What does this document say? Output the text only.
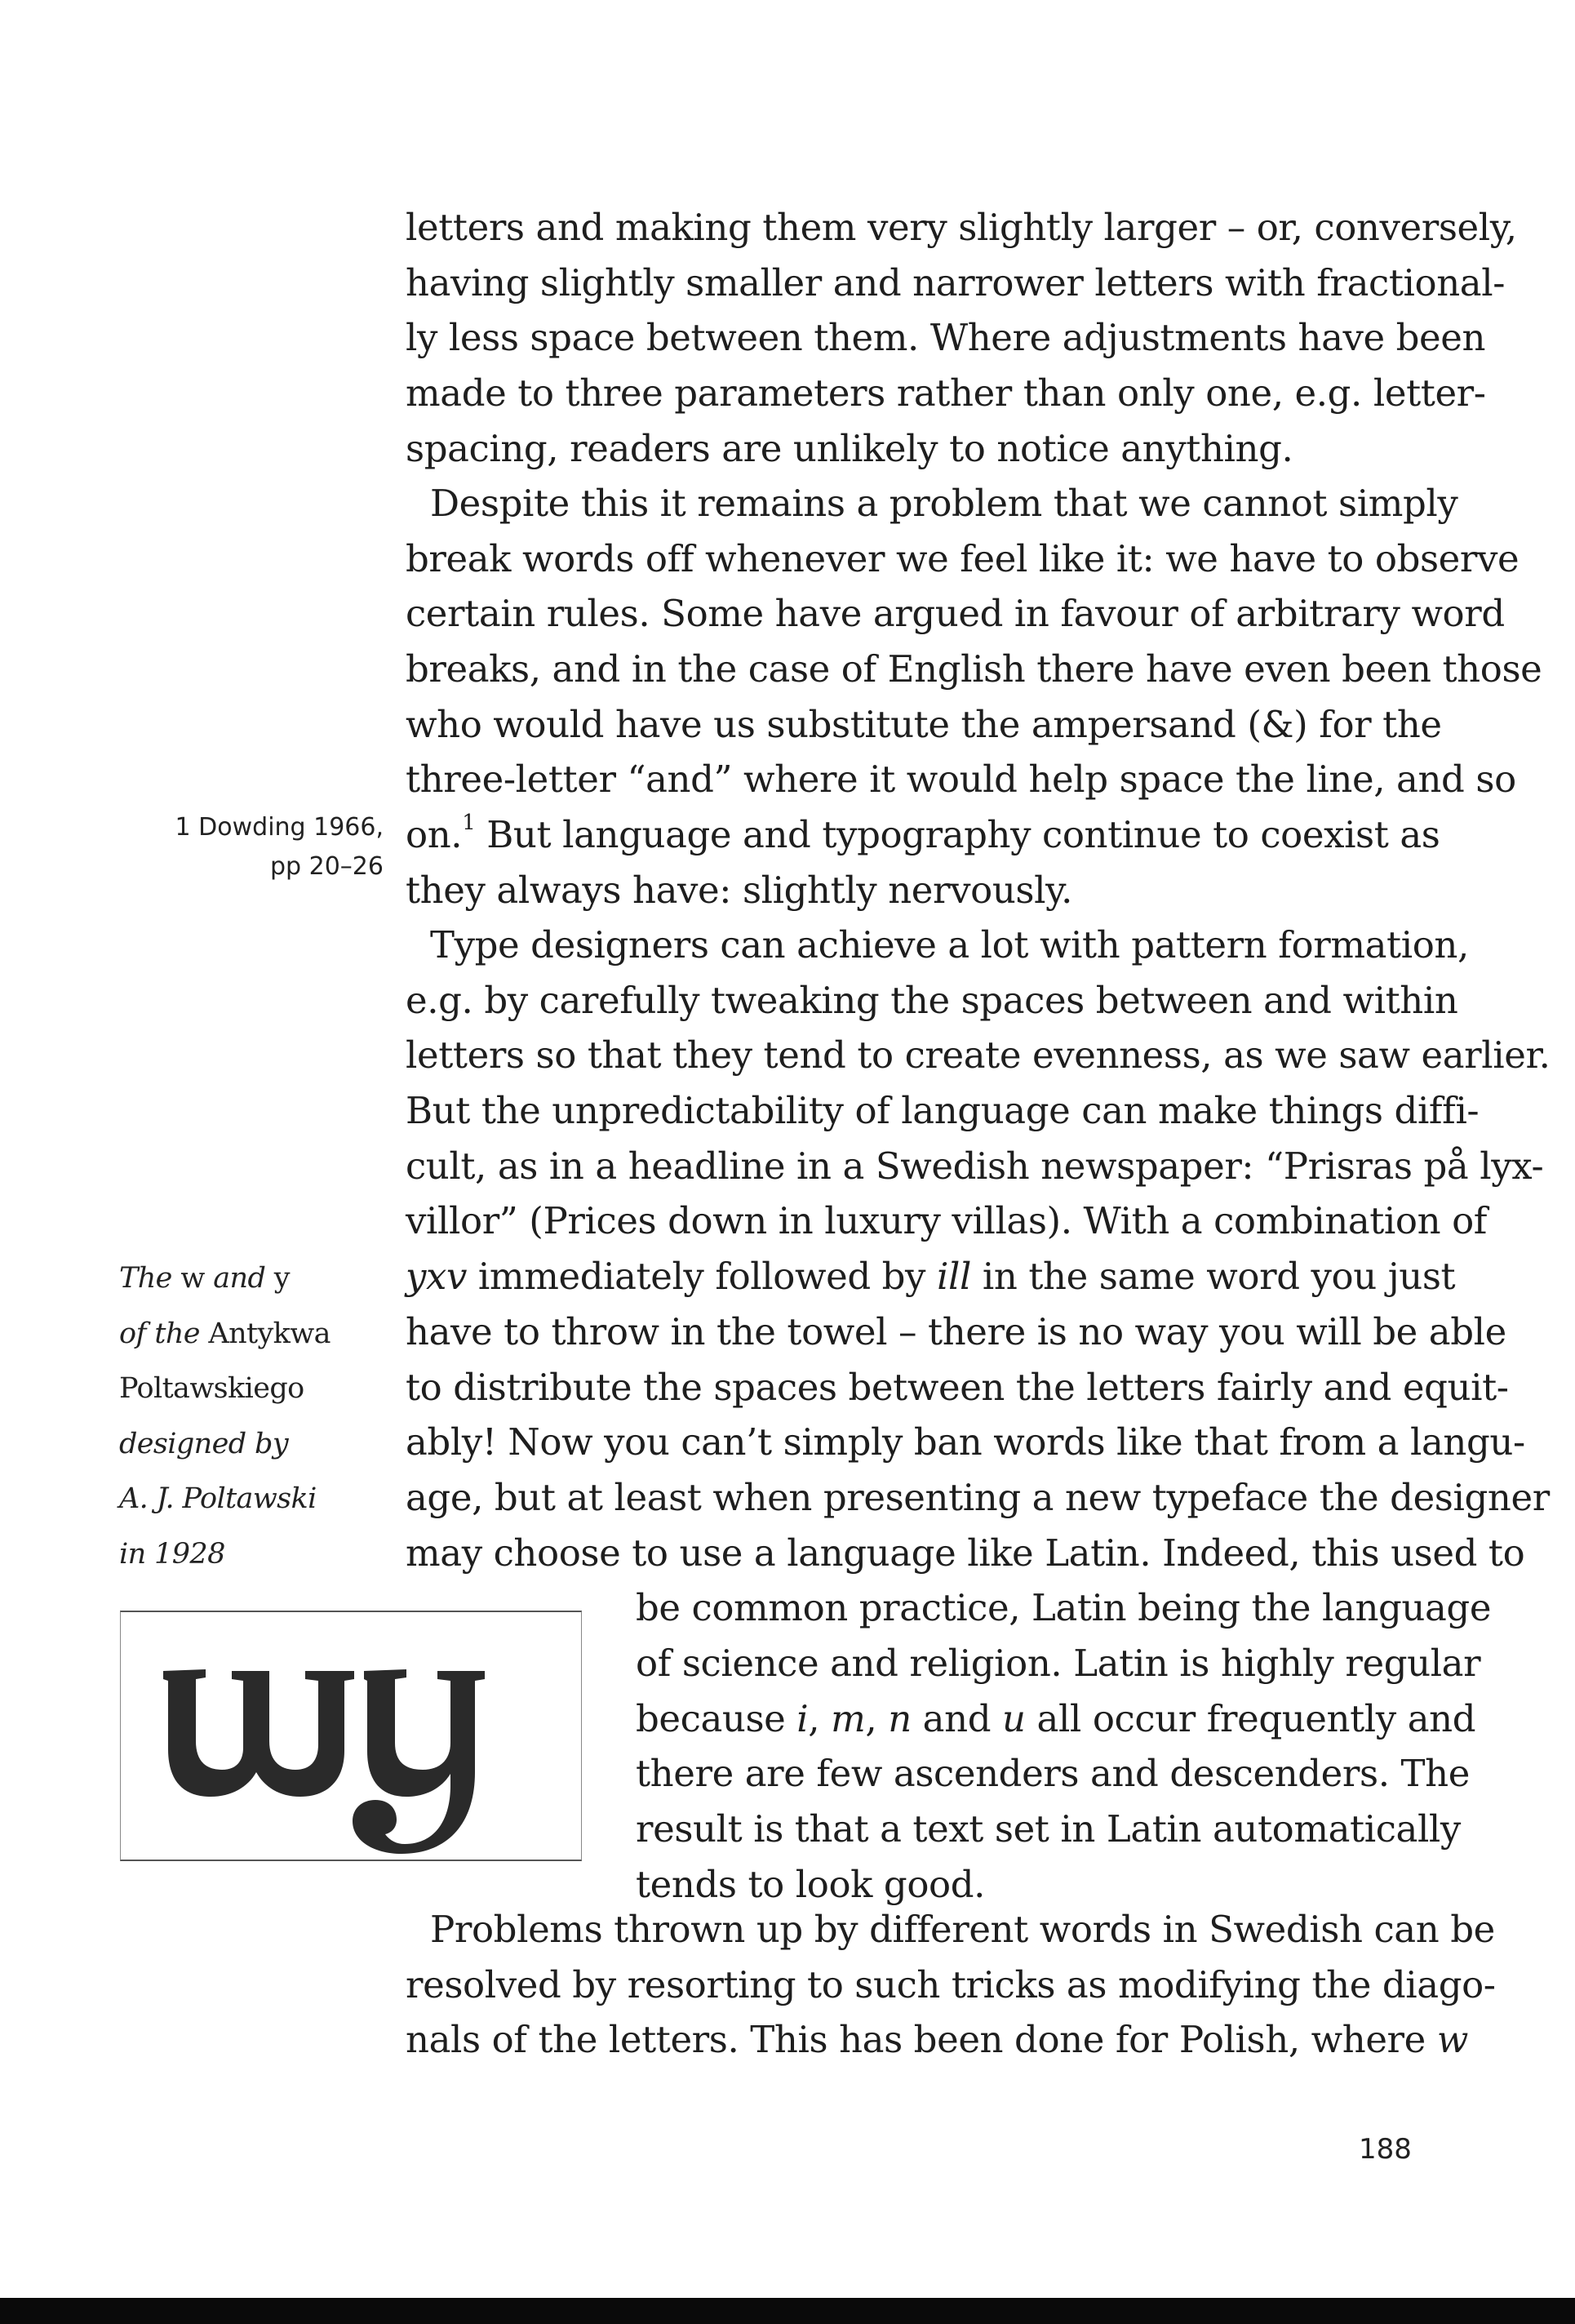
letters and making them very slightly larger – or, conversely,
having slightly smaller and narrower letters with fractional-
ly less space between them. Where adjustments have been
made to three parameters rather than only one, e.g. letter-
spacing, readers are unlikely to notice anything.

Despite this it remains a problem that we cannot simply
break words off whenever we feel like it: we have to observe
certain rules. Some have argued in favour of arbitrary word
breaks, and in the case of English there have even been those
who would have us substitute the ampersand (&) for the
three-letter “and” where it would help space the line, and so
on.$^1$ But language and typography continue to coexist as
they always have: slightly nervously.

Type designers can achieve a lot with pattern formation,
e.g. by carefully tweaking the spaces between and within
letters so that they tend to create evenness, as we saw earlier.
But the unpredictability of language can make things diffi-
cult, as in a headline in a Swedish newspaper: “Prisras på lyx-
villor” (Prices down in luxury villas). With a combination of
yxv immediately followed by ill in the same word you just
have to throw in the towel – there is no way you will be able
to distribute the spaces between the letters fairly and equit-
ably! Now you can’t simply ban words like that from a langu-
age, but at least when presenting a new typeface the designer
may choose to use a language like Latin. Indeed, this used to
be common practice, Latin being the language
of science and religion. Latin is highly regular
because i, m, n and u all occur frequently and
there are few ascenders and descenders. The
result is that a text set in Latin automatically
tends to look good.

Problems thrown up by different words in Swedish can be
resolved by resorting to such tricks as modifying the diago-
nals of the letters. This has been done for Polish, where w

1 Dowding 1966,
pp 20–26
The w and y
of the Antykwa
Poltawskiego
designed by
A. J. Poltawski
in 1928
188
